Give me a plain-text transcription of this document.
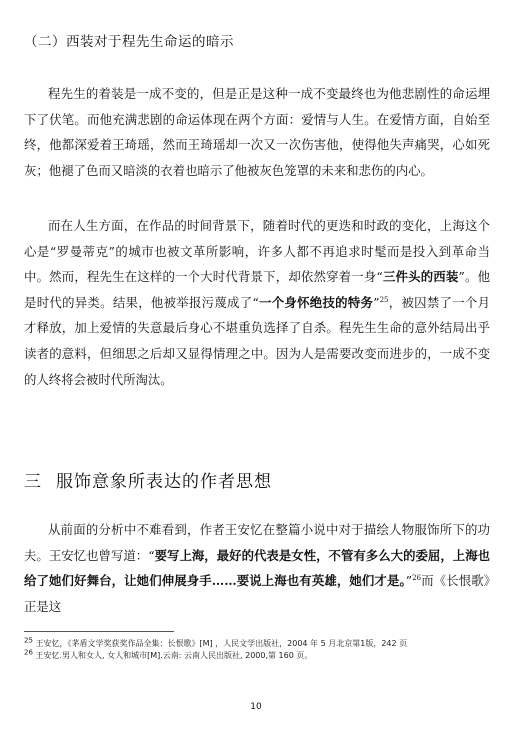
（二）西装对于程先生命运的暗示
程先生的着装是一成不变的，但是正是这种一成不变最终也为他悲剧性的命运埋下了伏笔。而他充满悲剧的命运体现在两个方面：爱情与人生。在爱情方面，自始至终，他都深爱着王琦瑶，然而王琦瑶却一次又一次伤害他，使得他失声痛哭，心如死灰；他褪了色而又暗淡的衣着也暗示了他被灰色笼罩的未来和悲伤的内心。
而在人生方面，在作品的时间背景下，随着时代的更迭和时政的变化，上海这个心是“罗曼蒂克”的城市也被文革所影响，许多人都不再追求时髦而是投入到革命当中。然而，程先生在这样的一个大时代背景下，却依然穿着一身“三件头的西装”。他是时代的异类。结果，他被举报污蔑成了“一个身怀绝技的特务”$^{25}$，被囚禁了一个月才释放，加上爱情的失意最后身心不堪重负选择了自杀。程先生生命的意外结局出乎读者的意料，但细思之后却又显得情理之中。因为人是需要改变而进步的，一成不变的人终将会被时代所淘汰。
三 服饰意象所表达的作者思想
从前面的分析中不难看到，作者王安忆在整篇小说中对于描绘人物服饰所下的功夫。王安忆也曾写道：“要写上海，最好的代表是女性，不管有多么大的委屈，上海也给了她们好舞台，让她们伸展身手……要说上海也有英雄，她们才是。”$^{26}$而《长恨歌》正是这
25 王安忆，《茅盾文学奖获奖作品全集：长恨歌》[M] ，人民文学出版社，2004 年 5 月北京第1版，242 页
26 王安忆.男人和女人, 女人和城市[M].云南: 云南人民出版社, 2000,第 160 页。
10
